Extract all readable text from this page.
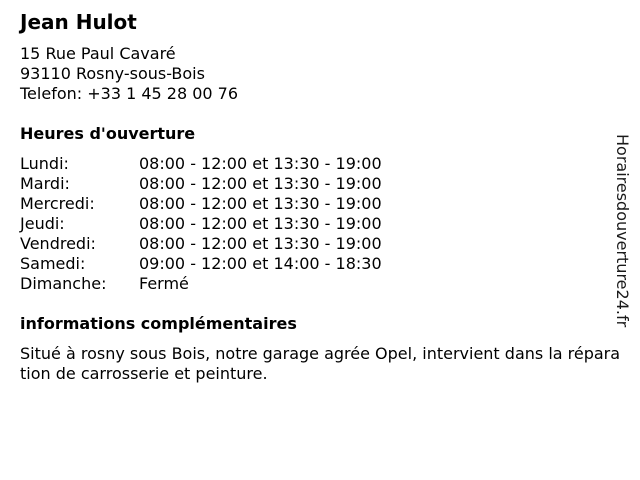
Jean Hulot
15 Rue Paul Cavaré
93110 Rosny-sous-Bois
Telefon: +33 1 45 28 00 76
Heures d'ouverture
Lundi:	08:00 - 12:00 et 13:30 - 19:00
Mardi:	08:00 - 12:00 et 13:30 - 19:00
Mercredi:	08:00 - 12:00 et 13:30 - 19:00
Jeudi:	08:00 - 12:00 et 13:30 - 19:00
Vendredi:	08:00 - 12:00 et 13:30 - 19:00
Samedi:	09:00 - 12:00 et 14:00 - 18:30
Dimanche:	Fermé
informations complémentaires
Situé à rosny sous Bois, notre garage agrée Opel, intervient dans la réparation de carrosserie et peinture.
Horairesdouverture24.fr
